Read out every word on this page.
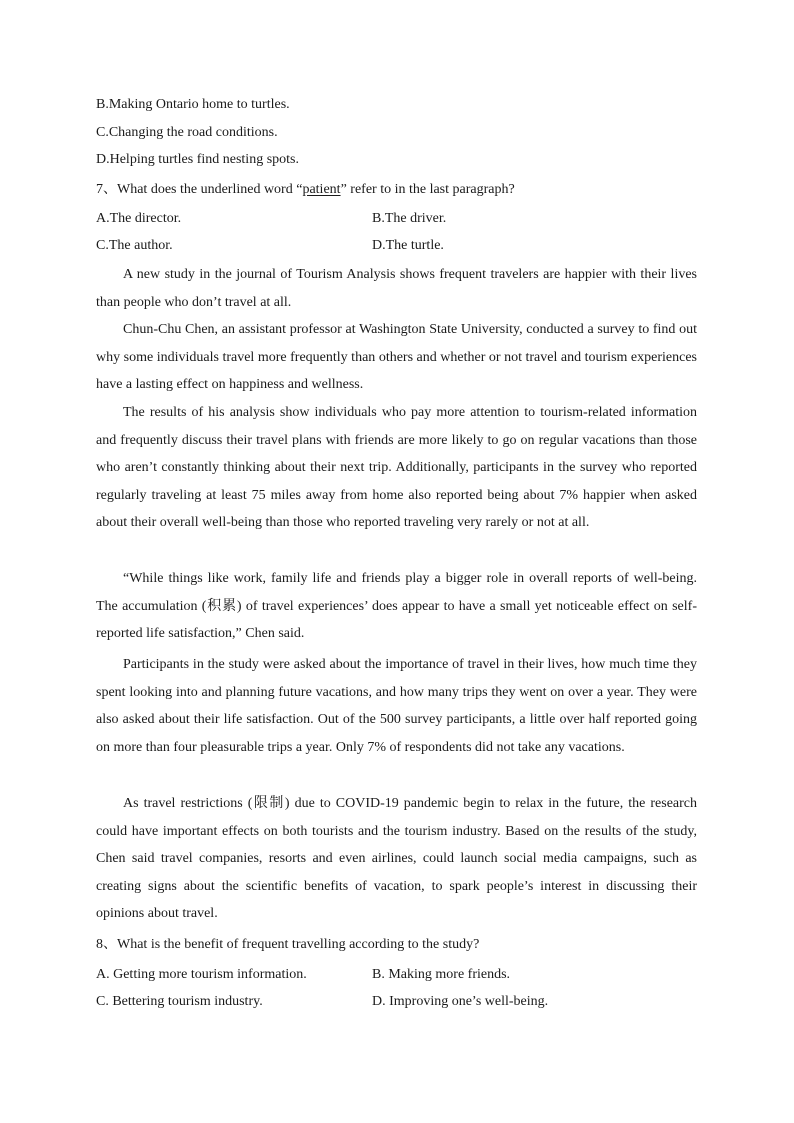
B.Making Ontario home to turtles.
C.Changing the road conditions.
D.Helping turtles find nesting spots.
7、What does the underlined word “patient” refer to in the last paragraph?
A.The director.	B.The driver.
C.The author.	D.The turtle.

A new study in the journal of Tourism Analysis shows frequent travelers are happier with their lives than people who don’t travel at all.

Chun-Chu Chen, an assistant professor at Washington State University, conducted a survey to find out why some individuals travel more frequently than others and whether or not travel and tourism experiences have a lasting effect on happiness and wellness.

The results of his analysis show individuals who pay more attention to tourism-related information and frequently discuss their travel plans with friends are more likely to go on regular vacations than those who aren’t constantly thinking about their next trip. Additionally, participants in the survey who reported regularly traveling at least 75 miles away from home also reported being about 7% happier when asked about their overall well-being than those who reported traveling very rarely or not at all.

“While things like work, family life and friends play a bigger role in overall reports of well-being. The accumulation (积累) of travel experiences’ does appear to have a small yet noticeable effect on self-reported life satisfaction,” Chen said.

Participants in the study were asked about the importance of travel in their lives, how much time they spent looking into and planning future vacations, and how many trips they went on over a year. They were also asked about their life satisfaction. Out of the 500 survey participants, a little over half reported going on more than four pleasurable trips a year. Only 7% of respondents did not take any vacations.

As travel restrictions (限制) due to COVID-19 pandemic begin to relax in the future, the research could have important effects on both tourists and the tourism industry. Based on the results of the study, Chen said travel companies, resorts and even airlines, could launch social media campaigns, such as creating signs about the scientific benefits of vacation, to spark people’s interest in discussing their opinions about travel.

8、What is the benefit of frequent travelling according to the study?
A. Getting more tourism information.	B. Making more friends.
C. Bettering tourism industry.	D. Improving one’s well-being.
